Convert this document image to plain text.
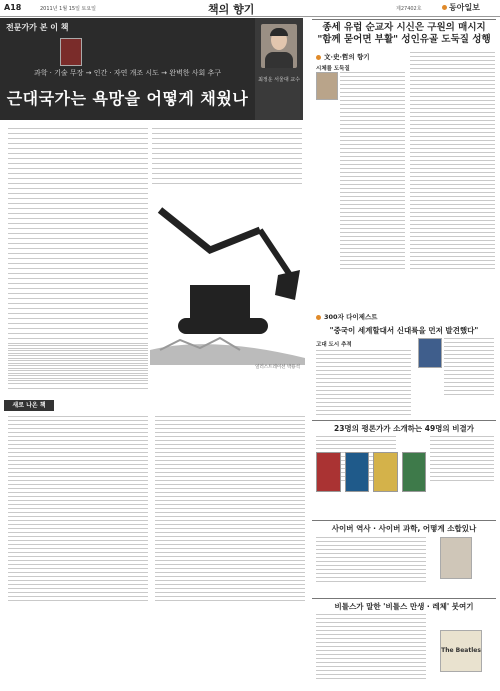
A18	2011년 1월 15일 토요일	책의 향기	제27402호	동아일보
전문가가 본 이 책
과학 · 기술 무장 → 인간 · 자연 개조 시도 → 완벽한 사회 추구
근대국가는 욕망을 어떻게 채웠나
최정운 서울대 교수
일러스트레이션 박용석
새로 나온 책
종세 유럽 순교자 시신은 구원의 매시지
"함께 묻어면 부활" 성인유골 도둑질 성행
文·史·哲의 향기
시체를 도둑질
300자 다이제스트
"중국이 세계할대서 신대륙을 먼저 발견했다"
고대 도시 추적
23명의 평론가가 소개하는 49명의 비결가
사이버 역사 · 사이버 과학, 어떻게 소합있나
비틀스가 말한 '비틀스 만생 · 레체' 붓여기
The Beatles
